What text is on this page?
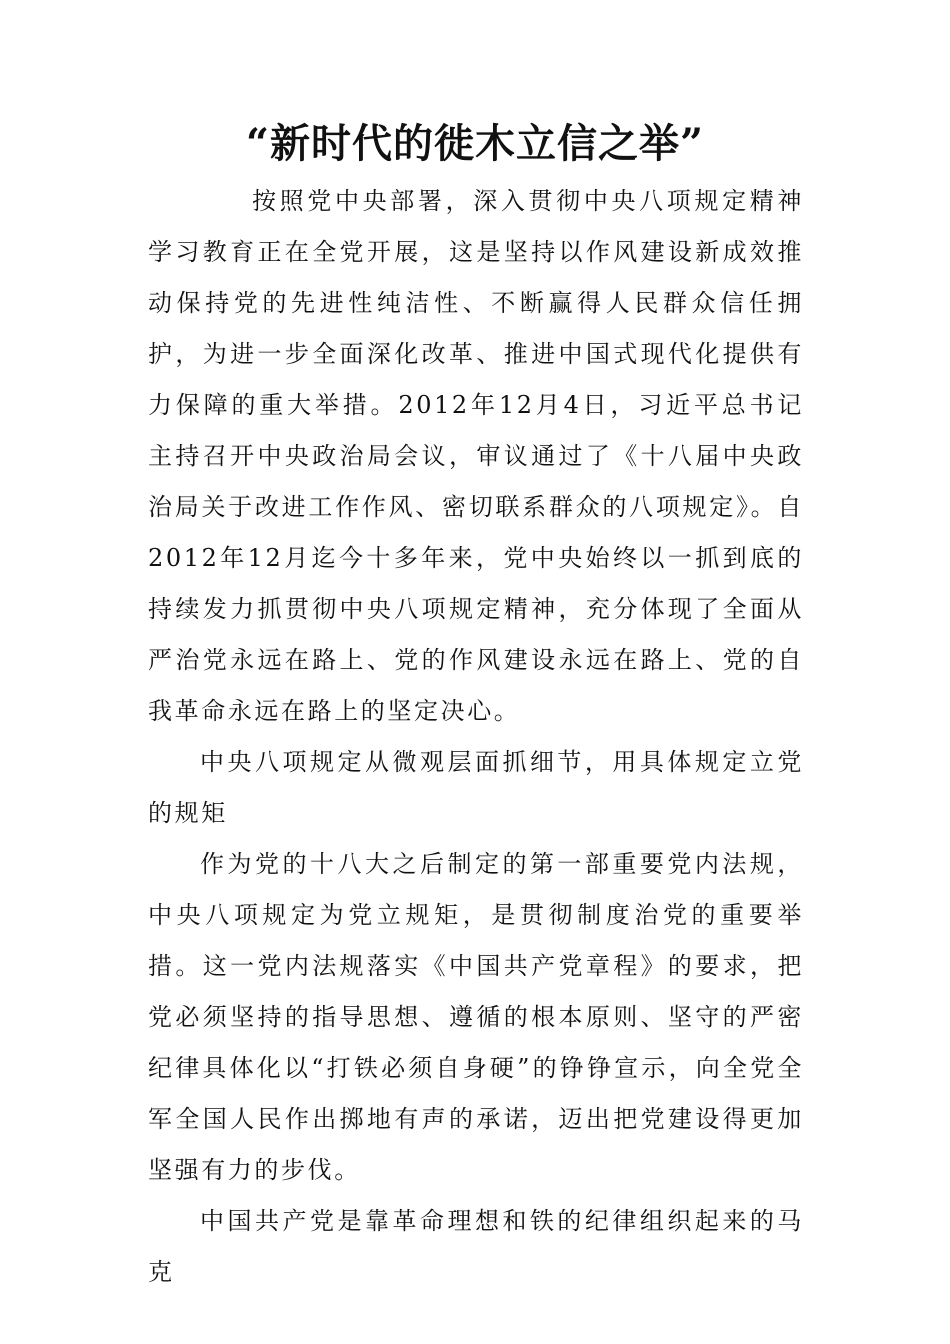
“新时代的徙木立信之举”

按照党中央部署，深入贯彻中央八项规定精神学习教育正在全党开展，这是坚持以作风建设新成效推动保持党的先进性纯洁性、不断赢得人民群众信任拥护，为进一步全面深化改革、推进中国式现代化提供有力保障的重大举措。2012年12月4日，习近平总书记主持召开中央政治局会议，审议通过了《十八届中央政治局关于改进工作作风、密切联系群众的八项规定》。自2012年12月迄今十多年来，党中央始终以一抓到底的持续发力抓贯彻中央八项规定精神，充分体现了全面从严治党永远在路上、党的作风建设永远在路上、党的自我革命永远在路上的坚定决心。

中央八项规定从微观层面抓细节，用具体规定立党的规矩

作为党的十八大之后制定的第一部重要党内法规，中央八项规定为党立规矩，是贯彻制度治党的重要举措。这一党内法规落实《中国共产党章程》的要求，把党必须坚持的指导思想、遵循的根本原则、坚守的严密纪律具体化以“打铁必须自身硬”的铮铮宣示，向全党全军全国人民作出掷地有声的承诺，迈出把党建设得更加坚强有力的步伐。

中国共产党是靠革命理想和铁的纪律组织起来的马克
